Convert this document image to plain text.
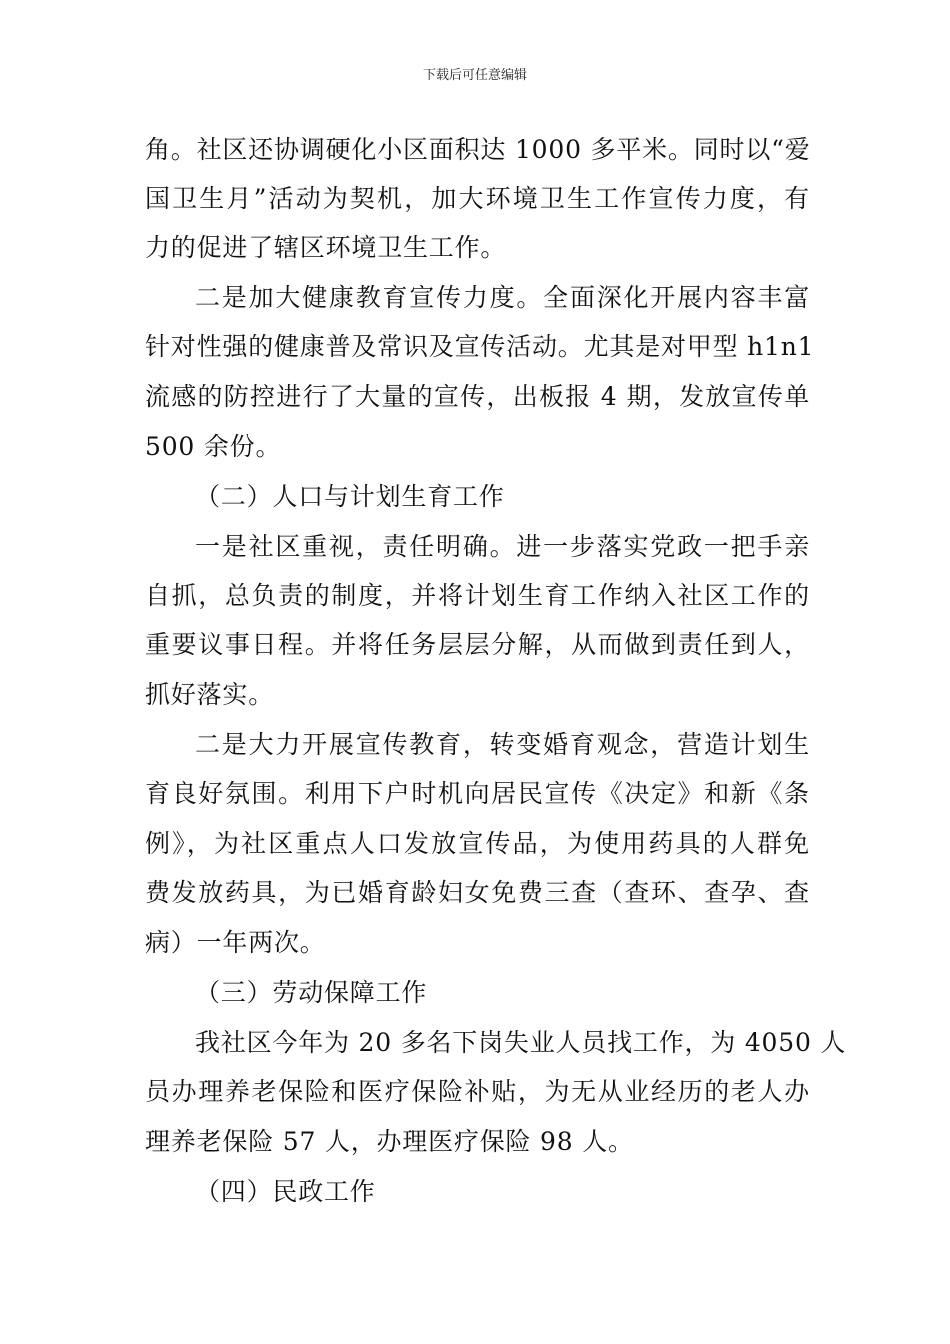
下载后可任意编辑
角。社区还协调硬化小区面积达 1000 多平米。同时以“爱
国卫生月”活动为契机，加大环境卫生工作宣传力度，有
力的促进了辖区环境卫生工作。
二是加大健康教育宣传力度。全面深化开展内容丰富
针对性强的健康普及常识及宣传活动。尤其是对甲型 h1n1
流感的防控进行了大量的宣传，出板报 4 期，发放宣传单
500 余份。
（二）人口与计划生育工作
一是社区重视，责任明确。进一步落实党政一把手亲
自抓，总负责的制度，并将计划生育工作纳入社区工作的
重要议事日程。并将任务层层分解，从而做到责任到人，
抓好落实。
二是大力开展宣传教育，转变婚育观念，营造计划生
育良好氛围。利用下户时机向居民宣传《决定》和新《条
例》，为社区重点人口发放宣传品，为使用药具的人群免
费发放药具，为已婚育龄妇女免费三查（查环、查孕、查
病）一年两次。
（三）劳动保障工作
我社区今年为 20 多名下岗失业人员找工作，为 4050 人
员办理养老保险和医疗保险补贴，为无从业经历的老人办
理养老保险 57 人，办理医疗保险 98 人。
（四）民政工作
